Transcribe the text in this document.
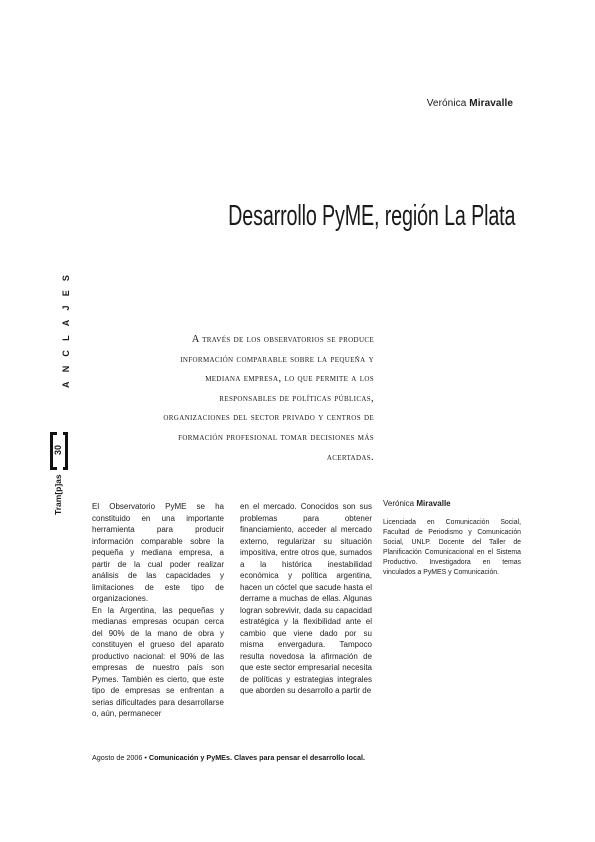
Verónica Miravalle
Desarrollo PyME, región La Plata
ANCLAJES
30
Tram[p]as
A través de los observatorios se produce información comparable sobre la pequeña y mediana empresa, lo que permite a los responsables de políticas públicas, organizaciones del sector privado y centros de formación profesional tomar decisiones más acertadas.

El Observatorio PyME se ha constituido en una importante herramienta para producir información comparable sobre la pequeña y mediana empresa, a partir de la cual poder realizar análisis de las capacidades y limitaciones de este tipo de organizaciones.

En la Argentina, las pequeñas y medianas empresas ocupan cerca del 90% de la mano de obra y constituyen el grueso del aparato productivo nacional: el 90% de las empresas de nuestro país son Pymes. También es cierto, que este tipo de empresas se enfrentan a serias dificultades para desarrollarse o, aún, permanecer

en el mercado. Conocidos son sus problemas para obtener financiamiento, acceder al mercado externo, regularizar su situación impositiva, entre otros que, sumados a la histórica inestabilidad económica y política argentina, hacen un cóctel que sacude hasta el derrame a muchas de ellas. Algunas logran sobrevivir, dada su capacidad estratégica y la flexibilidad ante el cambio que viene dado por su misma envergadura. Tampoco resulta novedosa la afirmación de que este sector empresarial necesita de políticas y estrategias integrales que aborden su desarrollo a partir de

Verónica Miravalle
Licenciada en Comunicación Social, Facultad de Periodismo y Comunicación Social, UNLP. Docente del Taller de Planificación Comunicacional en el Sistema Productivo. Investigadora en temas vinculados a PyMES y Comunicación.
Agosto de 2006 • Comunicación y PyMEs. Claves para pensar el desarrollo local.
